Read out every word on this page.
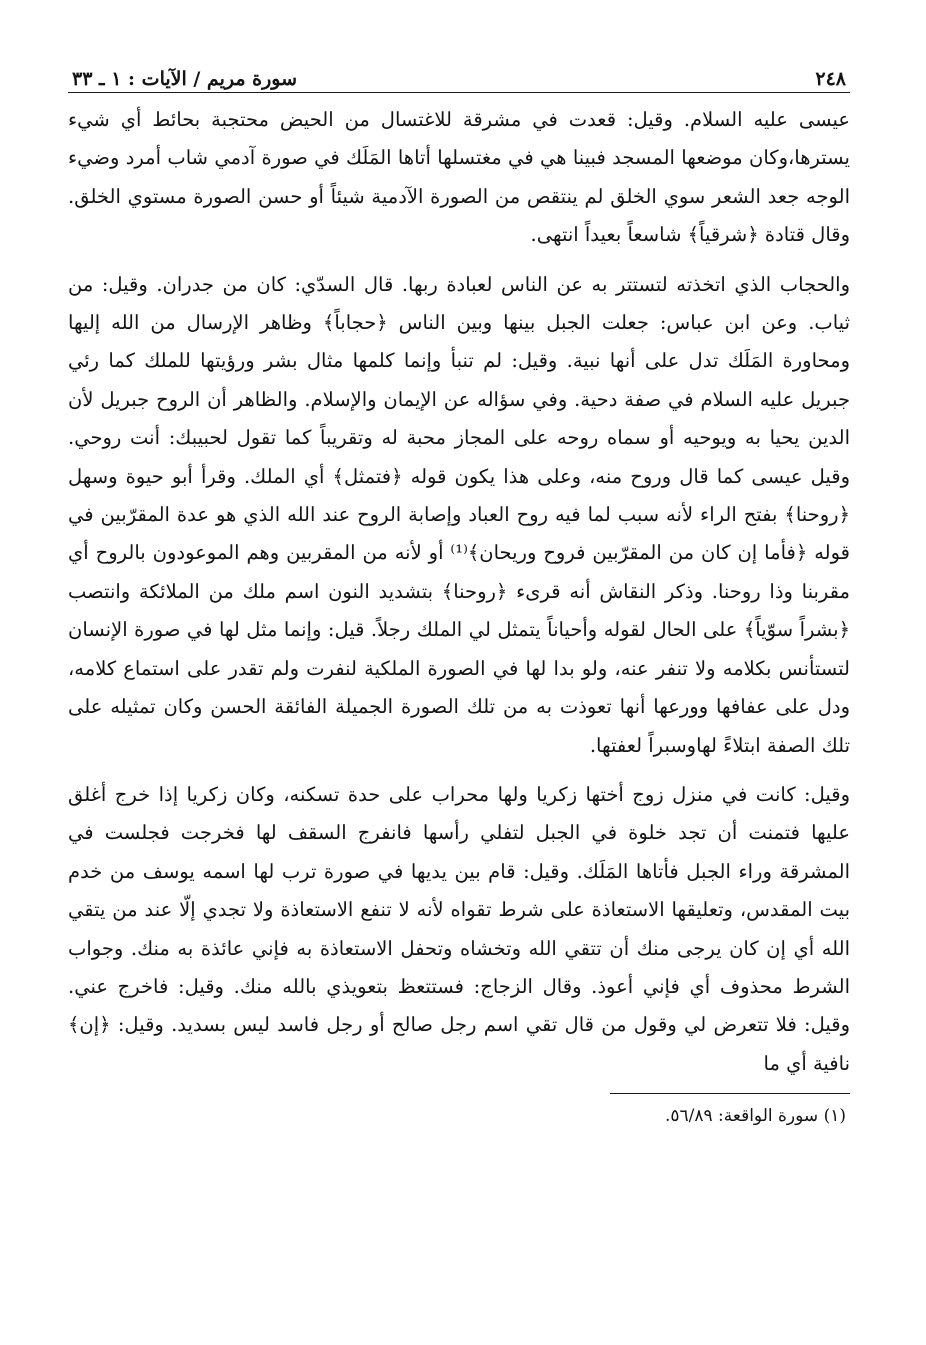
٢٤٨
سورة مريم / الآيات : ١ ـ ٣٣

عيسى عليه السلام. وقيل: قعدت في مشرقة للاغتسال من الحيض محتجبة بحائط أي شيء يسترها،وكان موضعها المسجد فبينا هي في مغتسلها أتاها المَلَك في صورة آدمي شاب أمرد وضيء الوجه جعد الشعر سوي الخلق لم ينتقص من الصورة الآدمية شيئاً أو حسن الصورة مستوي الخلق. وقال قتادة ﴿شرقياً﴾ شاسعاً بعيداً انتهى.

والحجاب الذي اتخذته لتستتر به عن الناس لعبادة ربها. قال السدّي: كان من جدران. وقيل: من ثياب. وعن ابن عباس: جعلت الجبل بينها وبين الناس ﴿حجاباً﴾ وظاهر الإرسال من الله إليها ومحاورة المَلَك تدل على أنها نبية. وقيل: لم تنبأ وإنما كلمها مثال بشر ورؤيتها للملك كما رئي جبريل عليه السلام في صفة دحية. وفي سؤاله عن الإيمان والإسلام. والظاهر أن الروح جبريل لأن الدين يحيا به ويوحيه أو سماه روحه على المجاز محبة له وتقريباً كما تقول لحبيبك: أنت روحي. وقيل عيسى كما قال وروح منه، وعلى هذا يكون قوله ﴿فتمثل﴾ أي الملك. وقرأ أبو حيوة وسهل ﴿روحنا﴾ بفتح الراء لأنه سبب لما فيه روح العباد وإصابة الروح عند الله الذي هو عدة المقرّبين في قوله ﴿فأما إن كان من المقرّبين فروح وريحان﴾⁽¹⁾ أو لأنه من المقربين وهم الموعودون بالروح أي مقربنا وذا روحنا. وذكر النقاش أنه قرىء ﴿روحنا﴾ بتشديد النون اسم ملك من الملائكة وانتصب ﴿بشراً سوّياً﴾ على الحال لقوله وأحياناً يتمثل لي الملك رجلاً. قيل: وإنما مثل لها في صورة الإنسان لتستأنس بكلامه ولا تنفر عنه، ولو بدا لها في الصورة الملكية لنفرت ولم تقدر على استماع كلامه، ودل على عفافها وورعها أنها تعوذت به من تلك الصورة الجميلة الفائقة الحسن وكان تمثيله على تلك الصفة ابتلاءً لهاوسبراً لعفتها.

وقيل: كانت في منزل زوج أختها زكريا ولها محراب على حدة تسكنه، وكان زكريا إذا خرج أغلق عليها فتمنت أن تجد خلوة في الجبل لتفلي رأسها فانفرج السقف لها فخرجت فجلست في المشرقة وراء الجبل فأتاها المَلَك. وقيل: قام بين يديها في صورة ترب لها اسمه يوسف من خدم بيت المقدس، وتعليقها الاستعاذة على شرط تقواه لأنه لا تنفع الاستعاذة ولا تجدي إلّا عند من يتقي الله أي إن كان يرجى منك أن تتقي الله وتخشاه وتحفل الاستعاذة به فإني عائذة به منك. وجواب الشرط محذوف أي فإني أعوذ. وقال الزجاج: فستتعظ بتعويذي بالله منك. وقيل: فاخرج عني. وقيل: فلا تتعرض لي وقول من قال تقي اسم رجل صالح أو رجل فاسد ليس بسديد. وقيل: ﴿إن﴾ نافية أي ما

(١) سورة الواقعة: ٥٦/٨٩.
